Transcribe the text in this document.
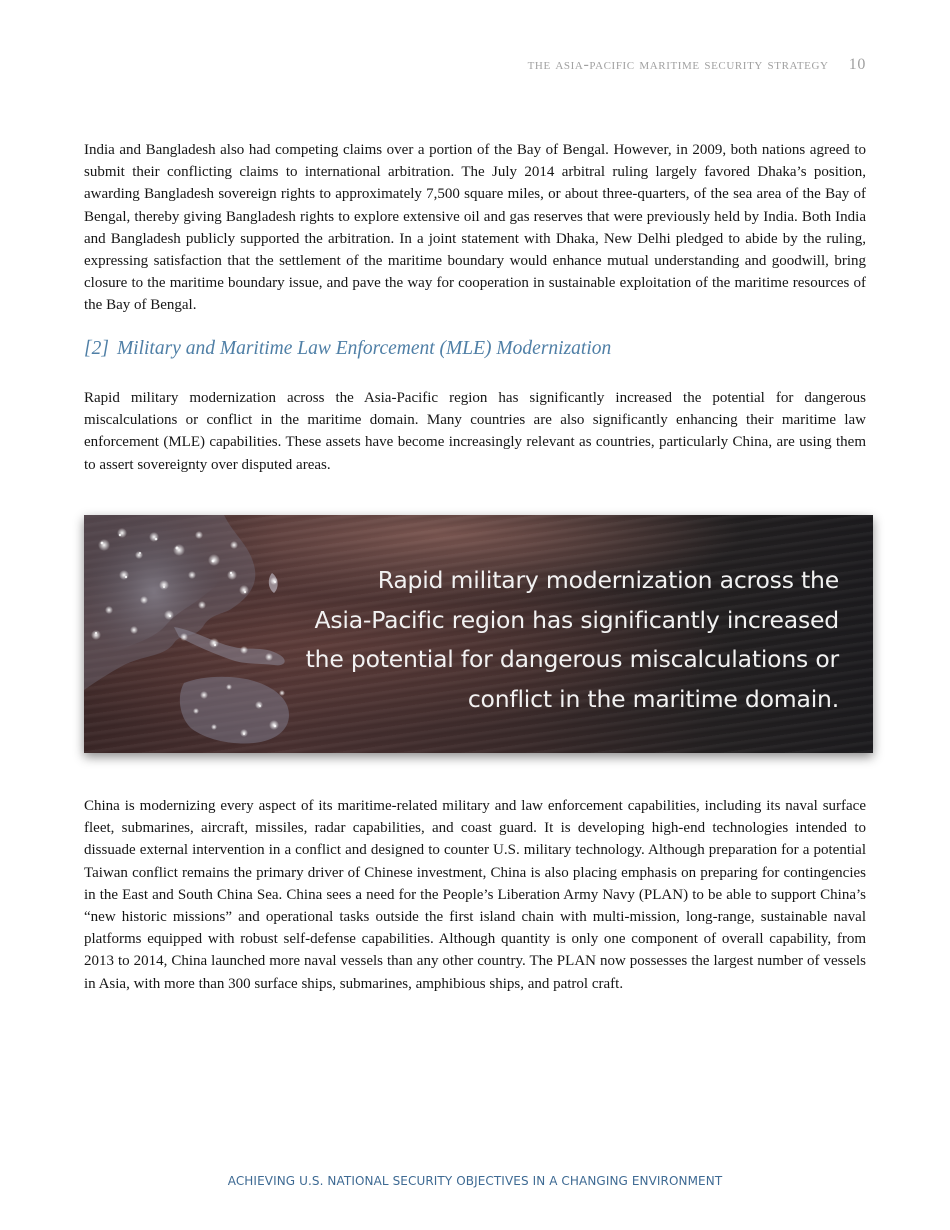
the asia-pacific maritime security strategy 10

India and Bangladesh also had competing claims over a portion of the Bay of Bengal. However, in 2009, both nations agreed to submit their conflicting claims to international arbitration. The July 2014 arbitral ruling largely favored Dhaka’s position, awarding Bangladesh sovereign rights to approximately 7,500 square miles, or about three-quarters, of the sea area of the Bay of Bengal, thereby giving Bangladesh rights to explore extensive oil and gas reserves that were previously held by India. Both India and Bangladesh publicly supported the arbitration. In a joint statement with Dhaka, New Delhi pledged to abide by the ruling, expressing satisfaction that the settlement of the maritime boundary would enhance mutual understanding and goodwill, bring closure to the maritime boundary issue, and pave the way for cooperation in sustainable exploitation of the maritime resources of the Bay of Bengal.

[2] Military and Maritime Law Enforcement (MLE) Modernization

Rapid military modernization across the Asia-Pacific region has significantly increased the potential for dangerous miscalculations or conflict in the maritime domain. Many countries are also significantly enhancing their maritime law enforcement (MLE) capabilities. These assets have become increasingly relevant as countries, particularly China, are using them to assert sovereignty over disputed areas.

Rapid military modernization across the
Asia-Pacific region has significantly increased
the potential for dangerous miscalculations or
conflict in the maritime domain.

China is modernizing every aspect of its maritime-related military and law enforcement capabilities, including its naval surface fleet, submarines, aircraft, missiles, radar capabilities, and coast guard. It is developing high-end technologies intended to dissuade external intervention in a conflict and designed to counter U.S. military technology. Although preparation for a potential Taiwan conflict remains the primary driver of Chinese investment, China is also placing emphasis on preparing for contingencies in the East and South China Sea. China sees a need for the People’s Liberation Army Navy (PLAN) to be able to support China’s “new historic missions” and operational tasks outside the first island chain with multi-mission, long-range, sustainable naval platforms equipped with robust self-defense capabilities. Although quantity is only one component of overall capability, from 2013 to 2014, China launched more naval vessels than any other country. The PLAN now possesses the largest number of vessels in Asia, with more than 300 surface ships, submarines, amphibious ships, and patrol craft.

ACHIEVING U.S. NATIONAL SECURITY OBJECTIVES IN A CHANGING ENVIRONMENT
